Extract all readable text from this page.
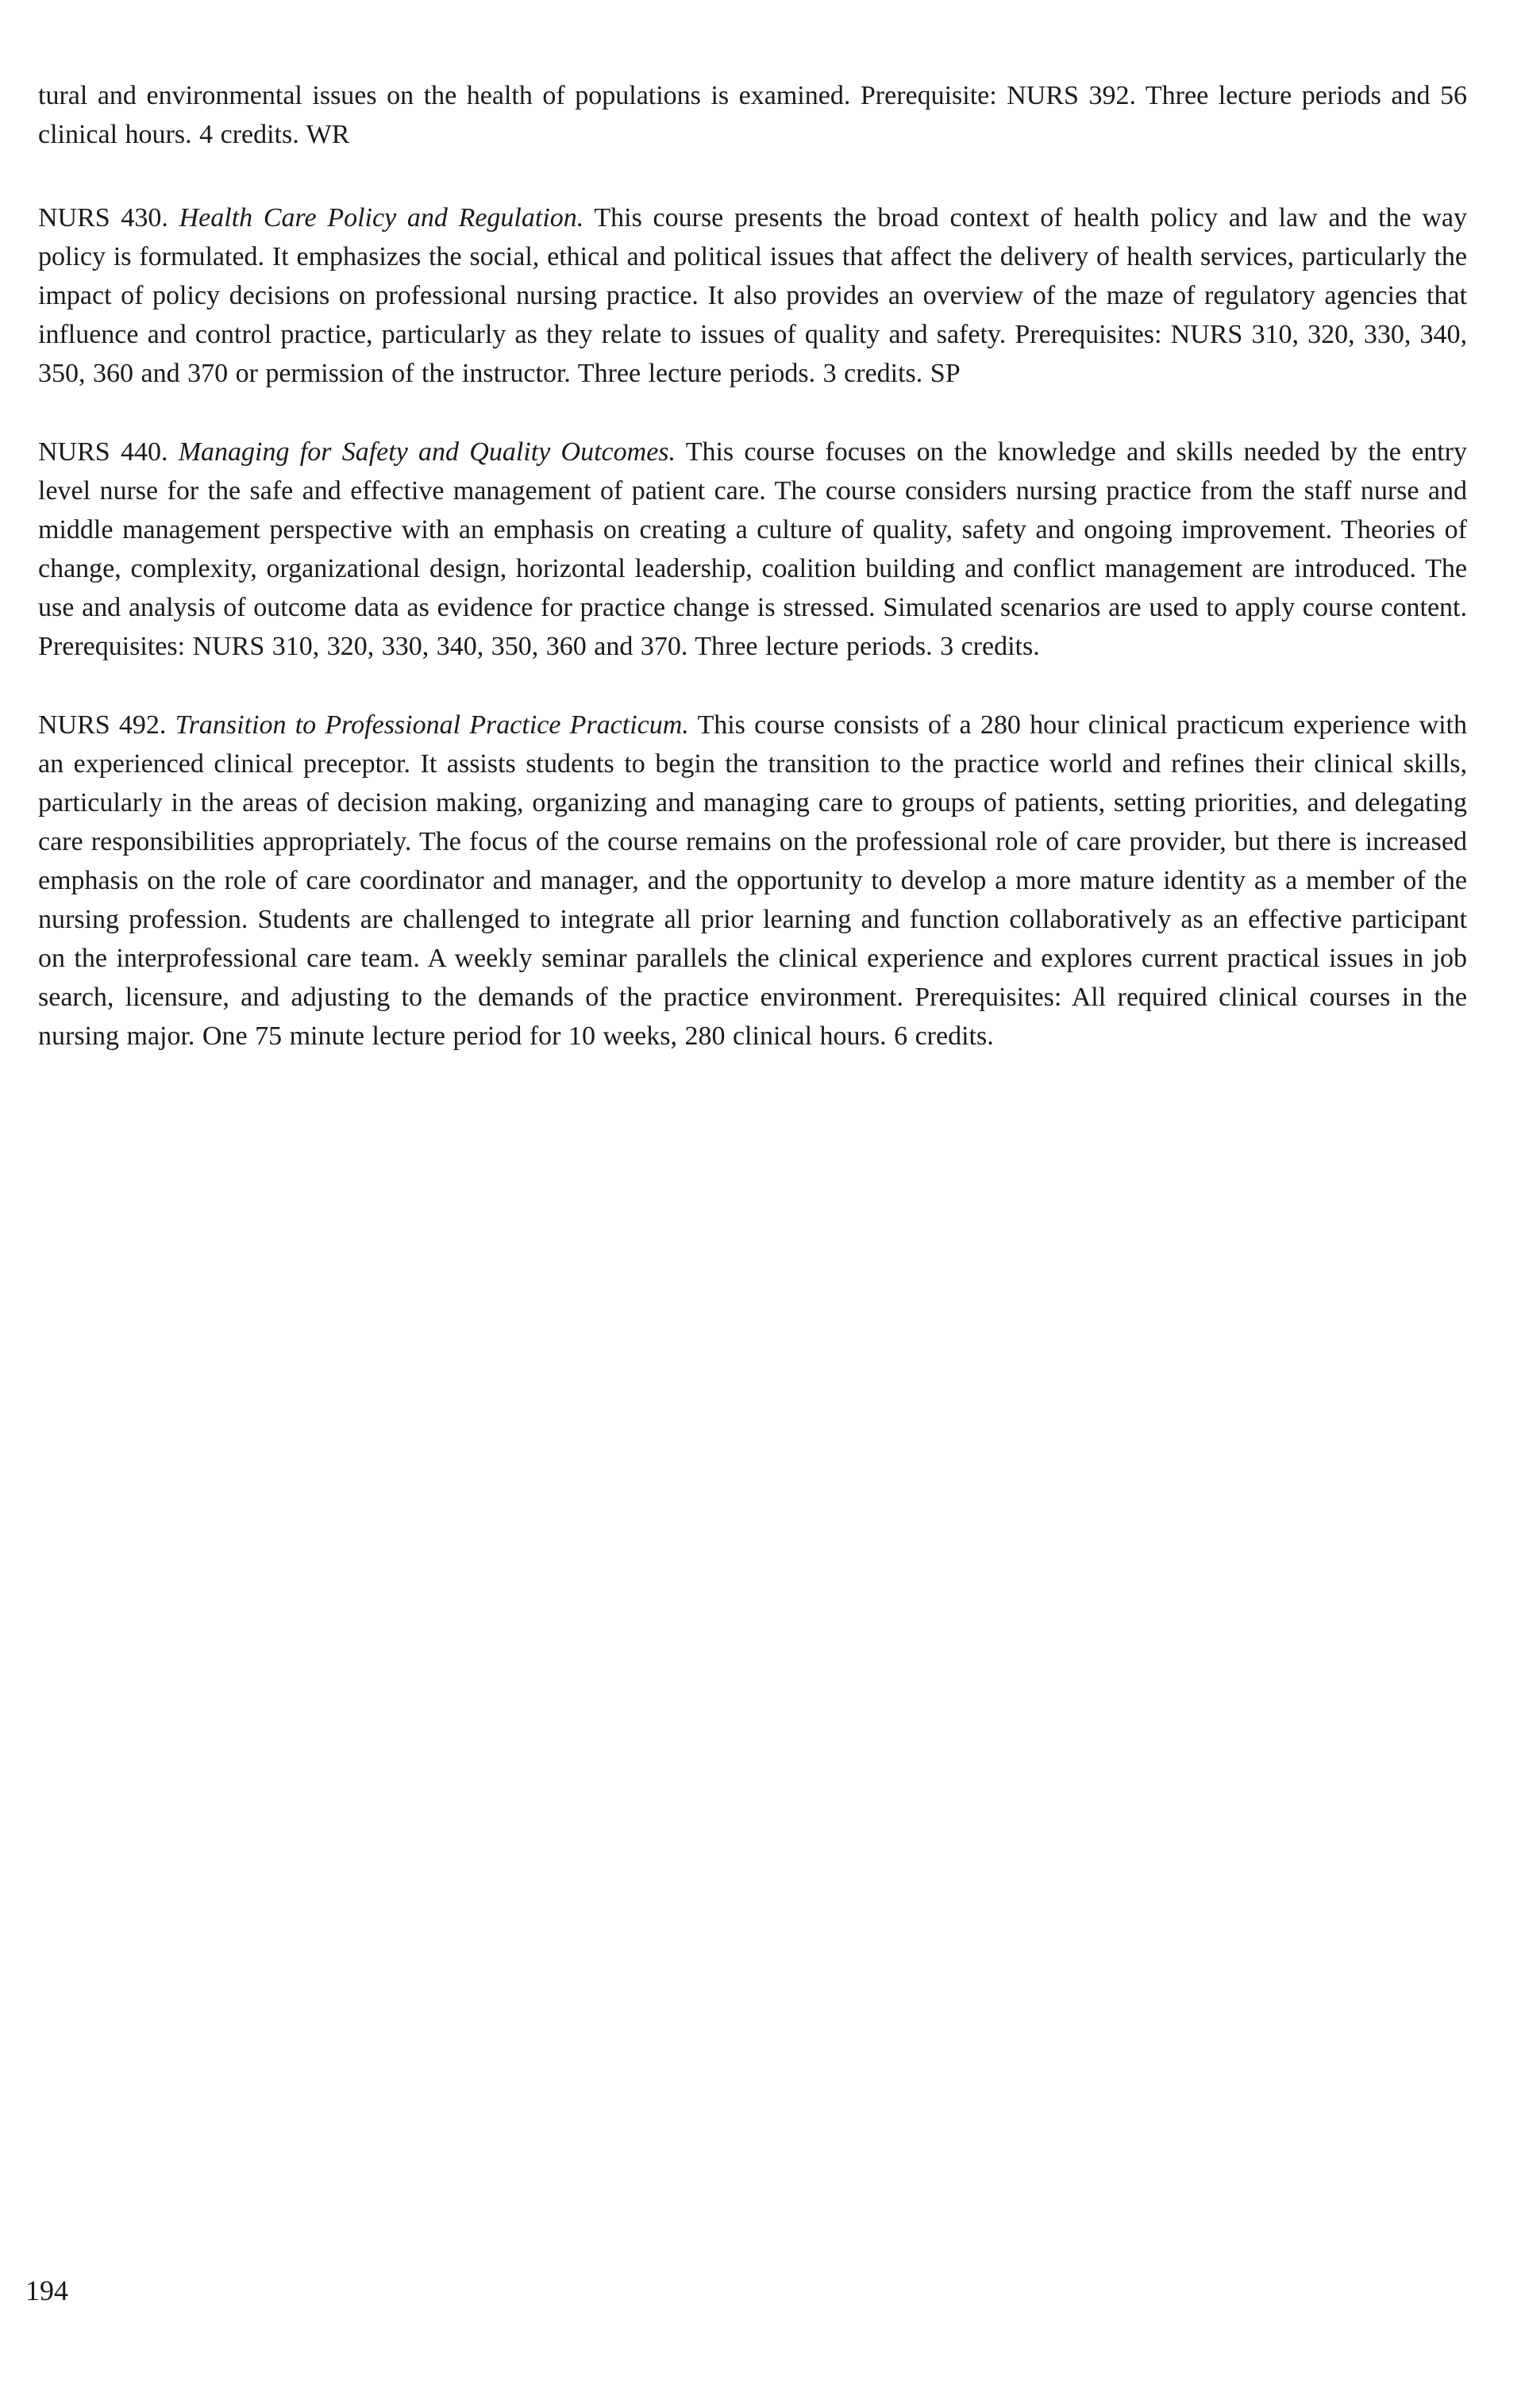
tural and environmental issues on the health of populations is examined. Prerequisite: NURS 392. Three lecture periods and 56 clinical hours. 4 credits. WR

NURS 430. Health Care Policy and Regulation. This course presents the broad context of health policy and law and the way policy is formulated. It emphasizes the social, ethical and political issues that affect the delivery of health services, particularly the impact of policy decisions on professional nursing practice. It also provides an overview of the maze of regulatory agencies that influence and control practice, particularly as they relate to issues of quality and safety. Prerequisites: NURS 310, 320, 330, 340, 350, 360 and 370 or permission of the instructor. Three lecture periods. 3 credits. SP

NURS 440. Managing for Safety and Quality Outcomes. This course focuses on the knowledge and skills needed by the entry level nurse for the safe and effective management of patient care. The course considers nursing practice from the staff nurse and middle management perspective with an emphasis on creating a culture of quality, safety and ongoing improvement. Theories of change, complexity, organizational design, horizontal leadership, coalition building and conflict management are introduced. The use and analysis of outcome data as evidence for practice change is stressed. Simulated scenarios are used to apply course content. Prerequisites: NURS 310, 320, 330, 340, 350, 360 and 370. Three lecture periods. 3 credits.

NURS 492. Transition to Professional Practice Practicum. This course consists of a 280 hour clinical practicum experience with an experienced clinical preceptor. It assists students to begin the transition to the practice world and refines their clinical skills, particularly in the areas of decision making, organizing and managing care to groups of patients, setting priorities, and delegating care responsibilities appropriately. The focus of the course remains on the professional role of care provider, but there is increased emphasis on the role of care coordinator and manager, and the opportunity to develop a more mature identity as a member of the nursing profession. Students are challenged to integrate all prior learning and function collaboratively as an effective participant on the interprofessional care team. A weekly seminar parallels the clinical experience and explores current practical issues in job search, licensure, and adjusting to the demands of the practice environment. Prerequisites: All required clinical courses in the nursing major. One 75 minute lecture period for 10 weeks, 280 clinical hours. 6 credits.

194
